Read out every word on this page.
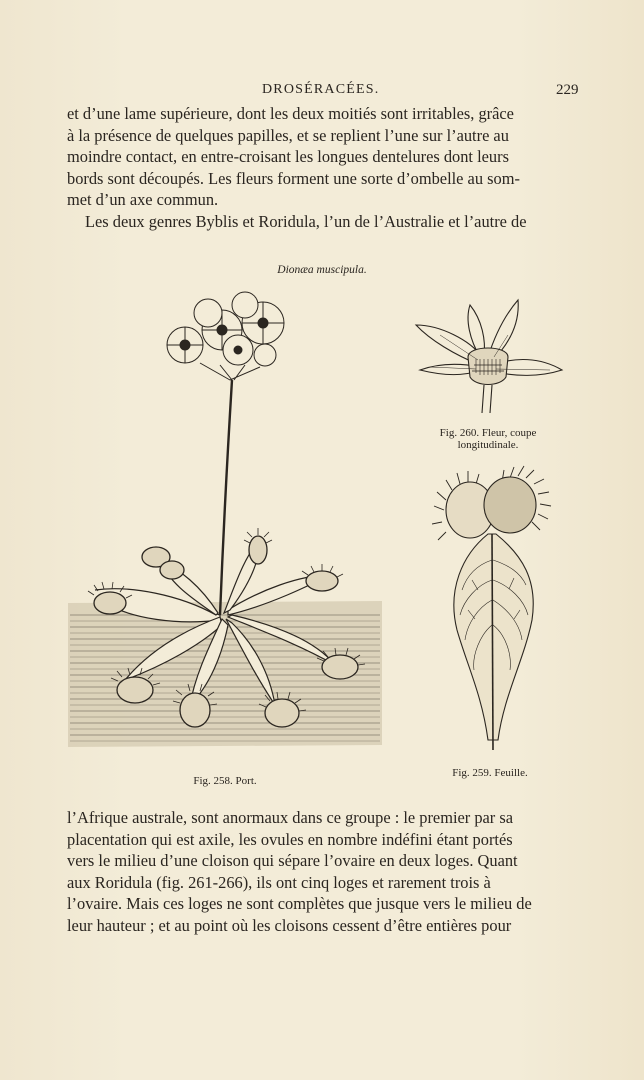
DROSÉRACÉES.	229
et d’une lame supérieure, dont les deux moitiés sont irritables, grâce
à la présence de quelques papilles, et se replient l’une sur l’autre au
moindre contact, en entre-croisant les longues dentelures dont leurs
bords sont découpés. Les fleurs forment une sorte d’ombelle au som-
met d’un axe commun.
Les deux genres Byblis et Roridula, l’un de l’Australie et l’autre de
Dionæa muscipula.
Fig. 260. Fleur, coupe
longitudinale.
Fig. 258. Port.
Fig. 259. Feuille.
l’Afrique australe, sont anormaux dans ce groupe : le premier par sa
placentation qui est axile, les ovules en nombre indéfini étant portés
vers le milieu d’une cloison qui sépare l’ovaire en deux loges. Quant
aux Roridula (fig. 261-266), ils ont cinq loges et rarement trois à
l’ovaire. Mais ces loges ne sont complètes que jusque vers le milieu de
leur hauteur ; et au point où les cloisons cessent d’être entières pour
